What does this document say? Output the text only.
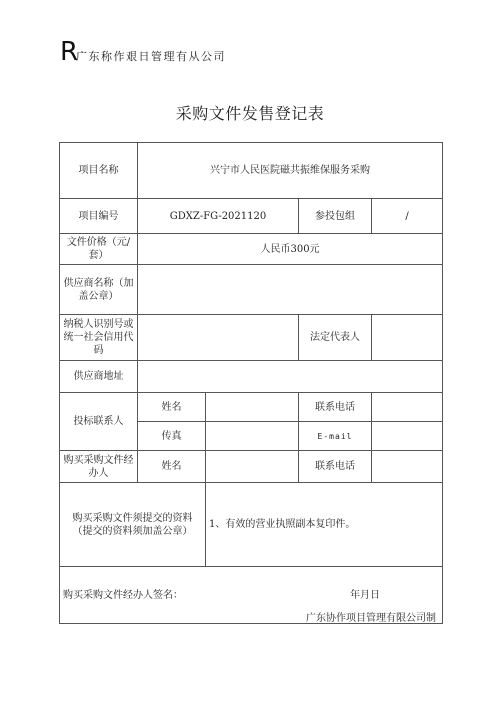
R
广东称作艰日管理有从公司
采购文件发售登记表
项目名称	兴宁市人民医院磁共振维保服务采购			
项目编号	GDXZ-FG-2021120		参投包组	/
文件价格（元/套）	人民币300元			
供应商名称（加盖公章）				
纳税人识别号或统一社会信用代码			法定代表人	
供应商地址				
投标联系人	姓名		联系电话	
	传真		E-mail	
购买采购文件经办人	姓名		联系电话	
购买采购文件须提交的资料（提交的资料须加盖公章）		1、有效的营业执照副本复印件。		
购买采购文件经办人签名： 年月日				
广东协作项目管理有限公司制
